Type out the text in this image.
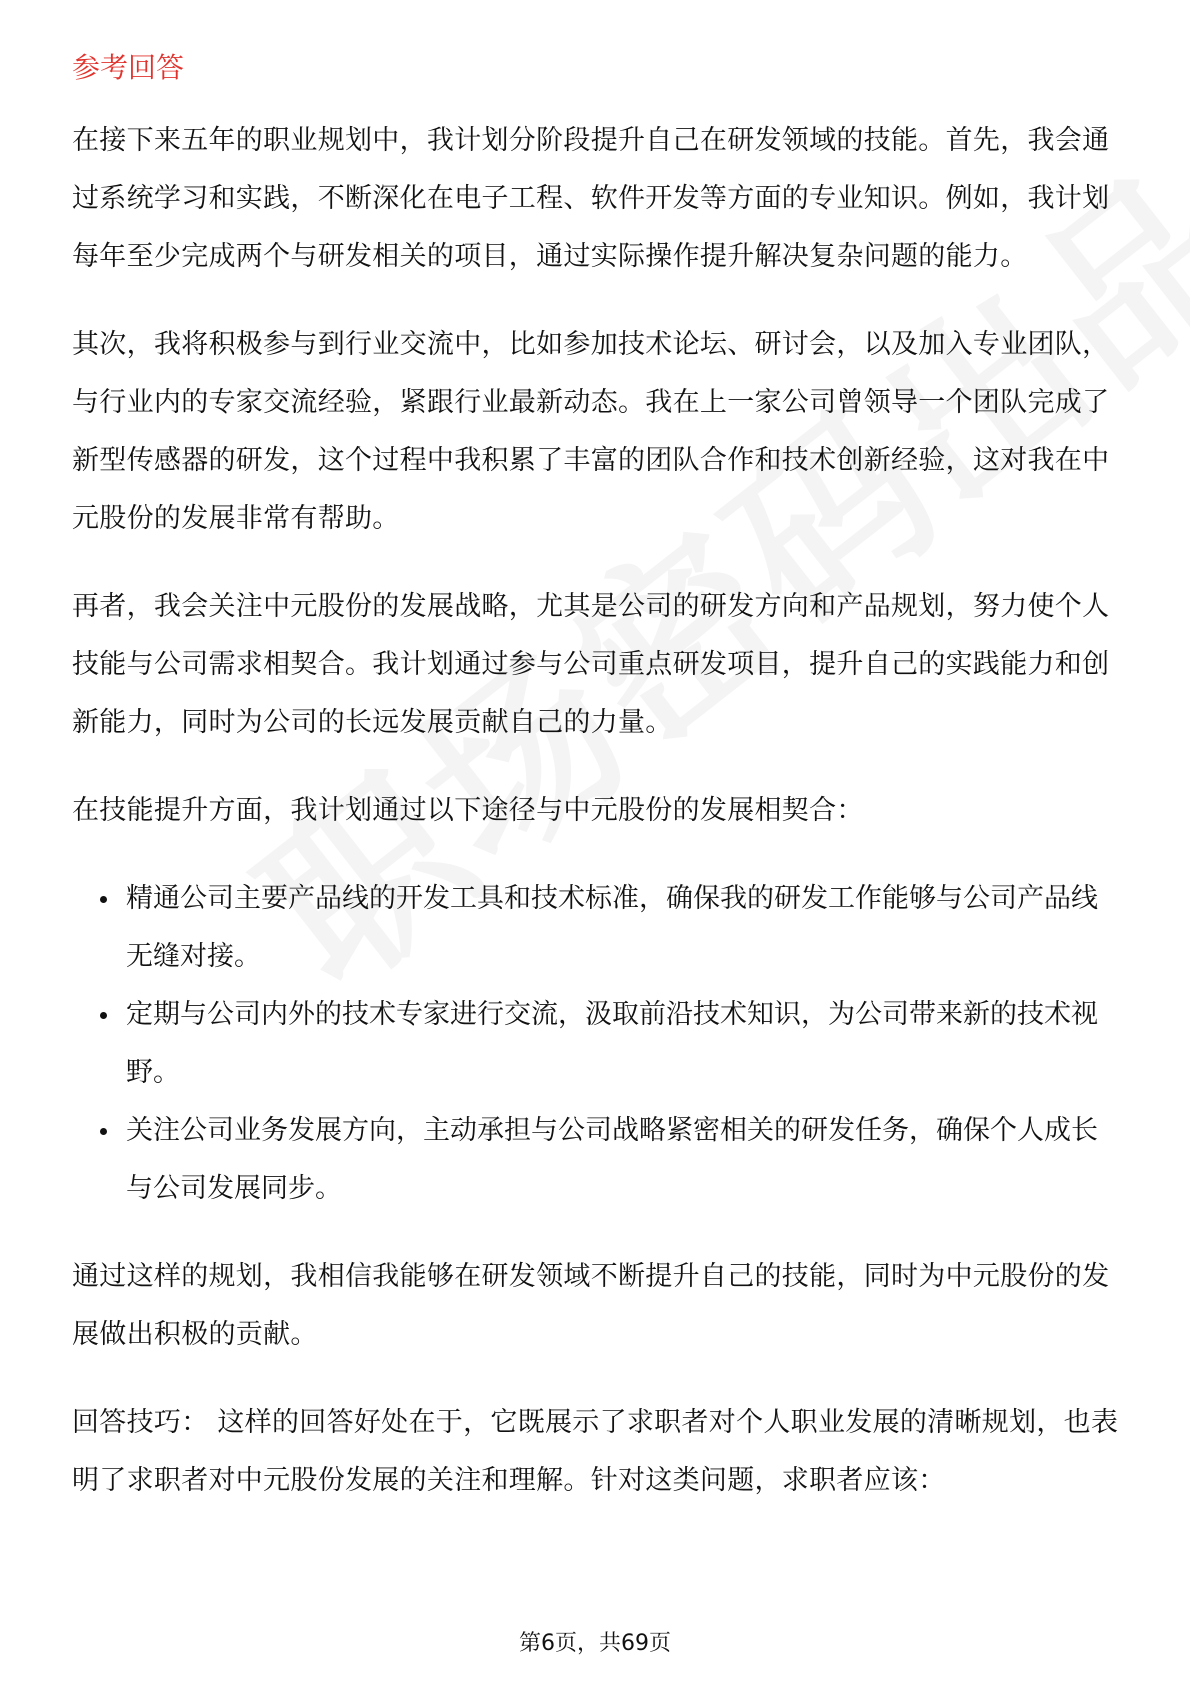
参考回答

在接下来五年的职业规划中，我计划分阶段提升自己在研发领域的技能。首先，我会通过系统学习和实践，不断深化在电子工程、软件开发等方面的专业知识。例如，我计划每年至少完成两个与研发相关的项目，通过实际操作提升解决复杂问题的能力。

其次，我将积极参与到行业交流中，比如参加技术论坛、研讨会，以及加入专业团队，与行业内的专家交流经验，紧跟行业最新动态。我在上一家公司曾领导一个团队完成了新型传感器的研发，这个过程中我积累了丰富的团队合作和技术创新经验，这对我在中元股份的发展非常有帮助。

再者，我会关注中元股份的发展战略，尤其是公司的研发方向和产品规划，努力使个人技能与公司需求相契合。我计划通过参与公司重点研发项目，提升自己的实践能力和创新能力，同时为公司的长远发展贡献自己的力量。

在技能提升方面，我计划通过以下途径与中元股份的发展相契合：

精通公司主要产品线的开发工具和技术标准，确保我的研发工作能够与公司产品线无缝对接。
定期与公司内外的技术专家进行交流，汲取前沿技术知识，为公司带来新的技术视野。
关注公司业务发展方向，主动承担与公司战略紧密相关的研发任务，确保个人成长与公司发展同步。

通过这样的规划，我相信我能够在研发领域不断提升自己的技能，同时为中元股份的发展做出积极的贡献。

回答技巧： 这样的回答好处在于，它既展示了求职者对个人职业发展的清晰规划，也表明了求职者对中元股份发展的关注和理解。针对这类问题，求职者应该：

第6页，共69页
